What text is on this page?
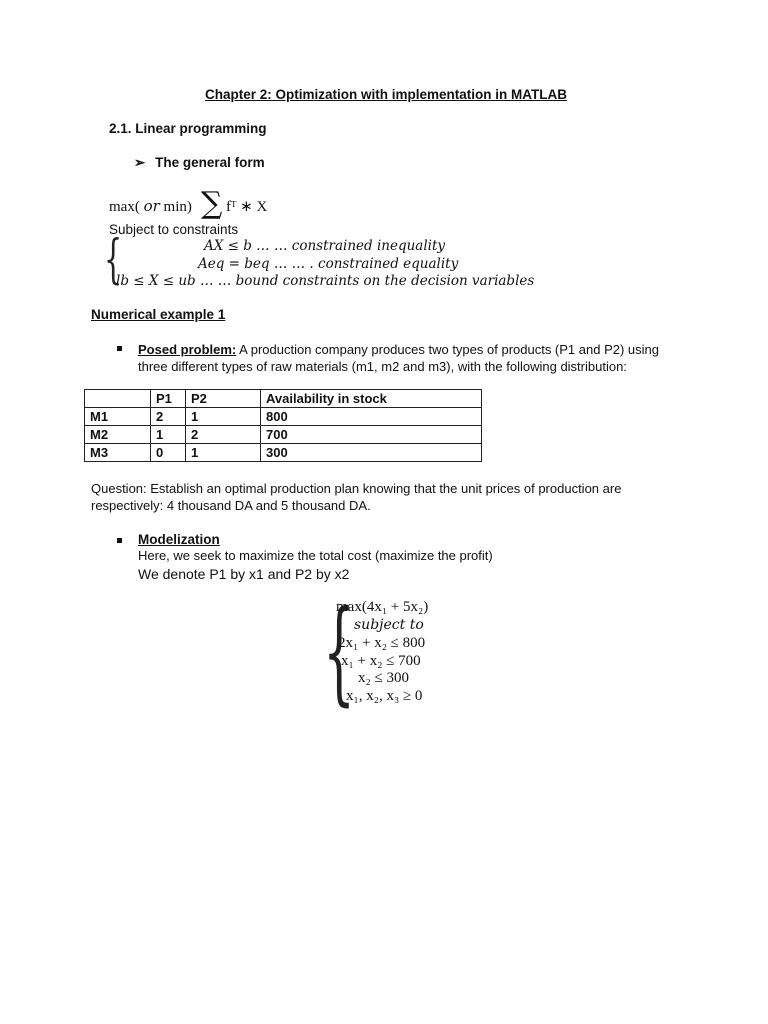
Chapter 2: Optimization with implementation in MATLAB
2.1. Linear programming
➢ The general form
max( or min) ∑ fᵀ ∗ X
Subject to constraints
{	AX ≤ b … … constrained inequality
Aeq = beq … … . constrained equality
lb ≤ X ≤ ub … … bound constraints on the decision variables
Numerical example 1
Posed problem: A production company produces two types of products (P1 and P2) using
three different types of raw materials (m1, m2 and m3), with the following distribution:
	P1	P2	Availability in stock
M1	2	1	800
M2	1	2	700
M3	0	1	300
Question: Establish an optimal production plan knowing that the unit prices of production are
respectively: 4 thousand DA and 5 thousand DA.
Modelization
Here, we seek to maximize the total cost (maximize the profit)
We denote P1 by x1 and P2 by x2
{
max(4x₁ + 5x₂)
subject to
2x₁ + x₂ ≤ 800
x₁ + x₂ ≤ 700
x₂ ≤ 300
x₁, x₂, x₃ ≥ 0
